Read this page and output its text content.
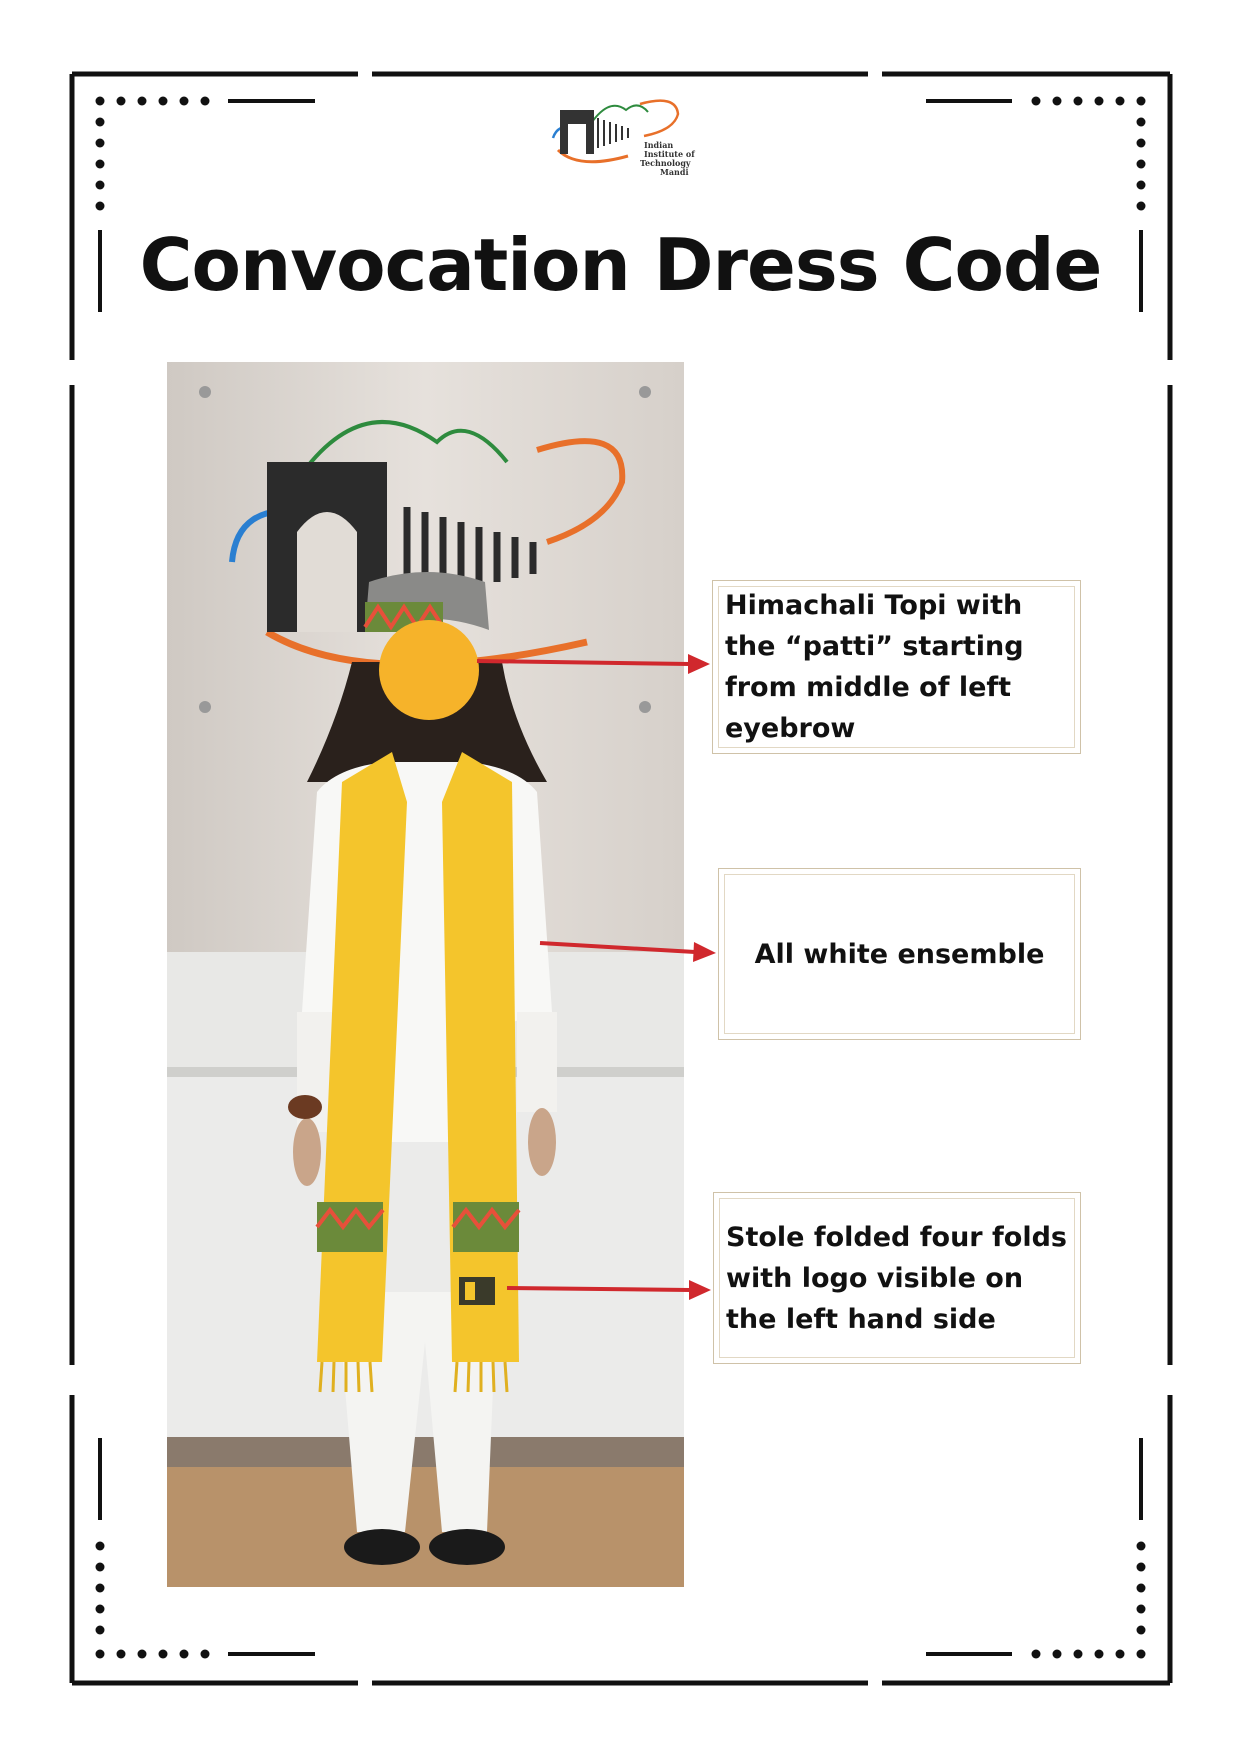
Indian
Institute of
Technology
Mandi
Convocation Dress Code
Himachali Topi with the “patti” starting from middle of left eyebrow
All white ensemble
Stole folded four folds with logo visible on the left hand side
